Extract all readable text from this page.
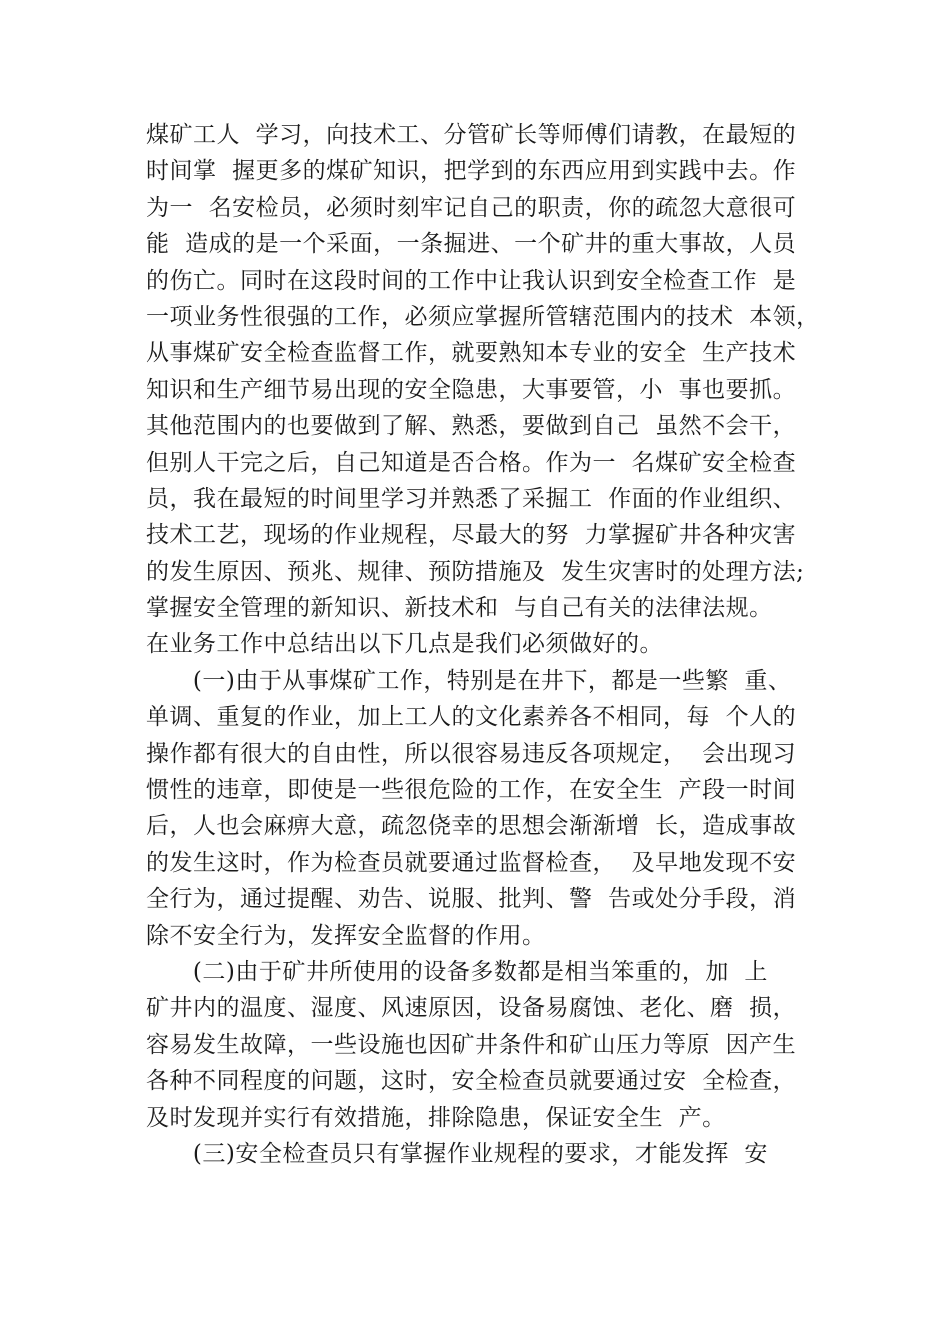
煤矿工人  学习，向技术工、分管矿长等师傅们请教，在最短的
时间掌  握更多的煤矿知识，把学到的东西应用到实践中去。作
为一  名安检员，必须时刻牢记自己的职责，你的疏忽大意很可
能  造成的是一个采面，一条掘进、一个矿井的重大事故，人员
的伤亡。同时在这段时间的工作中让我认识到安全检查工作  是
一项业务性很强的工作，必须应掌握所管辖范围内的技术  本领，
从事煤矿安全检查监督工作，就要熟知本专业的安全  生产技术
知识和生产细节易出现的安全隐患，大事要管，小  事也要抓。
其他范围内的也要做到了解、熟悉，要做到自己  虽然不会干，
但别人干完之后，自己知道是否合格。作为一  名煤矿安全检查
员，我在最短的时间里学习并熟悉了采掘工  作面的作业组织、
技术工艺，现场的作业规程，尽最大的努  力掌握矿井各种灾害
的发生原因、预兆、规律、预防措施及  发生灾害时的处理方法;
掌握安全管理的新知识、新技术和  与自己有关的法律法规。
在业务工作中总结出以下几点是我们必须做好的。
(一)由于从事煤矿工作，特别是在井下，都是一些繁  重、
单调、重复的作业，加上工人的文化素养各不相同，每  个人的
操作都有很大的自由性，所以很容易违反各项规定，  会出现习
惯性的违章，即使是一些很危险的工作，在安全生  产段一时间
后，人也会麻痹大意，疏忽侥幸的思想会渐渐增  长，造成事故
的发生这时，作为检查员就要通过监督检查，  及早地发现不安
全行为，通过提醒、劝告、说服、批判、警  告或处分手段，消
除不安全行为，发挥安全监督的作用。
(二)由于矿井所使用的设备多数都是相当笨重的，加  上
矿井内的温度、湿度、风速原因，设备易腐蚀、老化、磨  损，
容易发生故障，一些设施也因矿井条件和矿山压力等原  因产生
各种不同程度的问题，这时，安全检查员就要通过安  全检查，
及时发现并实行有效措施，排除隐患，保证安全生  产。
(三)安全检查员只有掌握作业规程的要求，才能发挥  安
